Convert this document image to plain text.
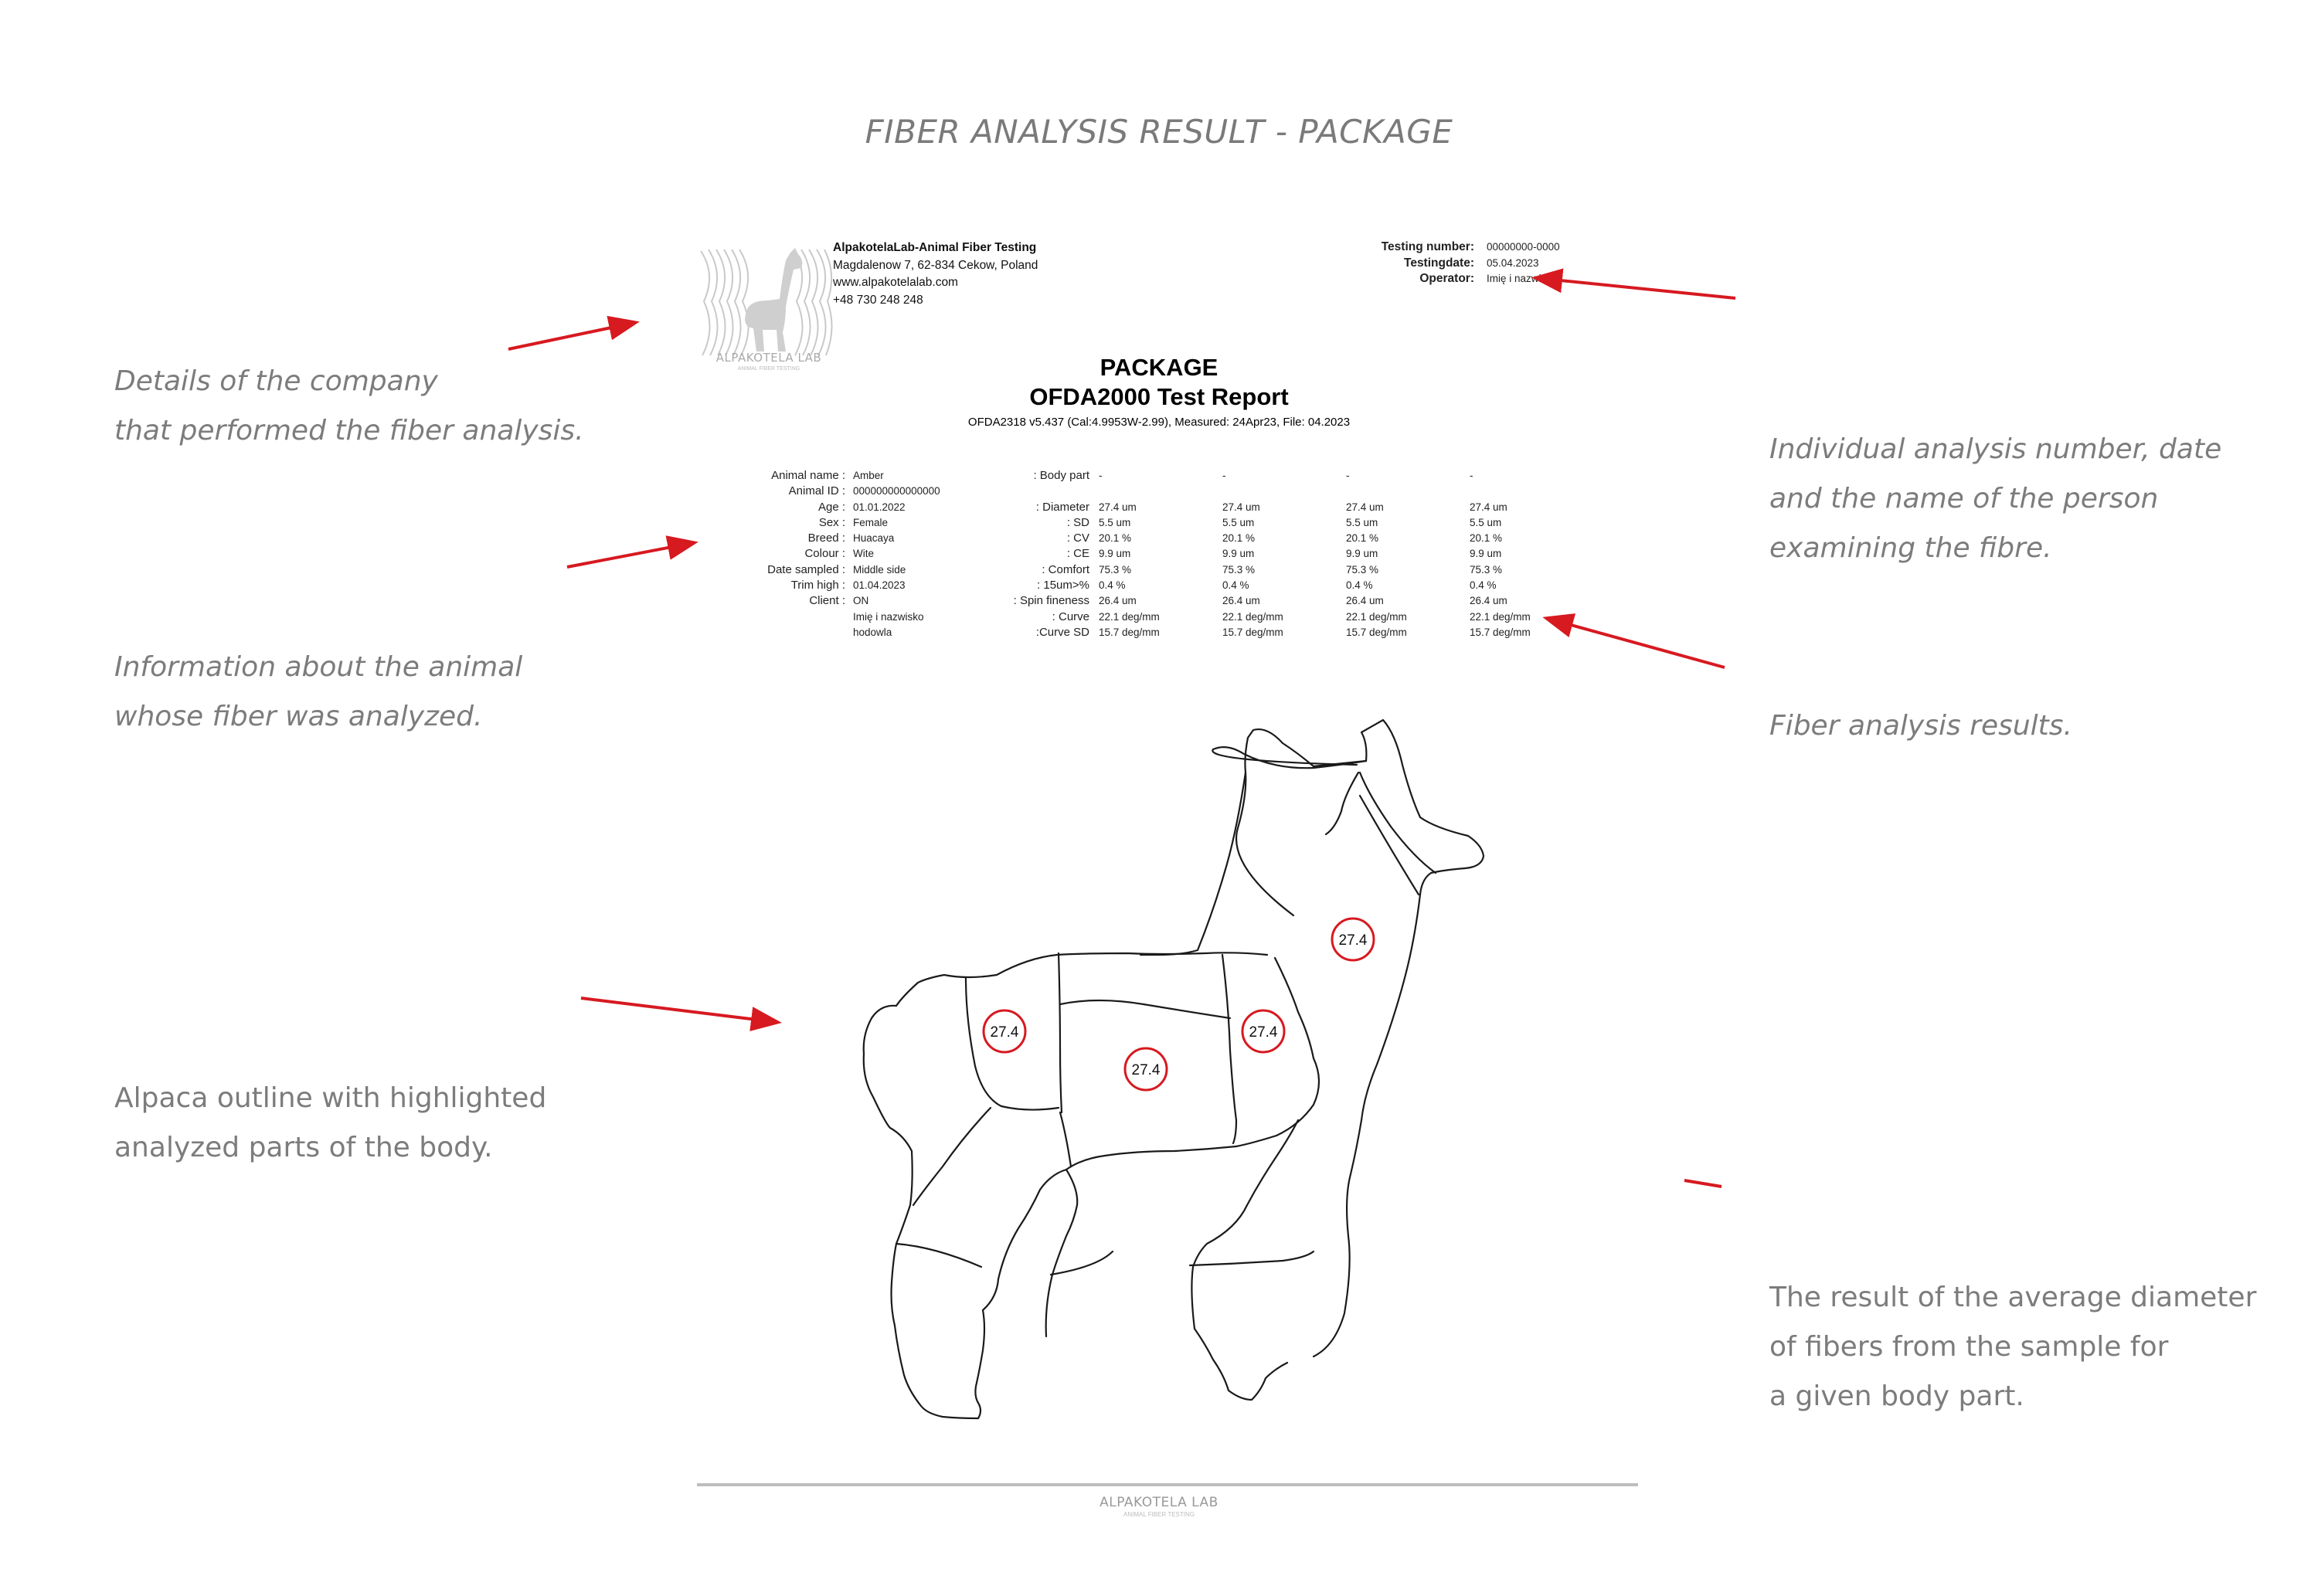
FIBER ANALYSIS RESULT - PACKAGE
Details of the company
that performed the fiber analysis.
Information about the animal
whose fiber was analyzed.
Alpaca outline with highlighted
analyzed parts of the body.
Individual analysis number, date
and the name of the person
examining the fibre.
Fiber analysis results.
The result of the average diameter
of fibers from the sample for
a given body part.
ALPAKOTELA LAB
ANIMAL FIBER TESTING
AlpakotelaLab-Animal Fiber Testing
Magdalenow 7, 62-834 Cekow, Poland
www.alpakotelalab.com
+48 730 248 248
Testing number:	00000000-0000
Testingdate:	05.04.2023
Operator:	Imię i nazwisko
PACKAGE
OFDA2000 Test Report
OFDA2318 v5.437 (Cal:4.9953W-2.99), Measured: 24Apr23, File: 04.2023
Animal name : Amber
Animal ID : 000000000000000
Age : 01.01.2022
Sex : Female
Breed : Huacaya
Colour : Wite
Date sampled : Middle side
Trim high : 01.04.2023
Client : ON
Imię i nazwisko
hodowla
Body part : -	-	-	-

Diameter : 27.4 um	27.4 um	27.4 um	27.4 um
SD : 5.5 um	5.5 um	5.5 um	5.5 um
CV : 20.1 %	20.1 %	20.1 %	20.1 %
CE : 9.9 um	9.9 um	9.9 um	9.9 um
Comfort : 75.3 %	75.3 %	75.3 %	75.3 %
%<15um : 0.4 %	0.4 %	0.4 %	0.4 %
Spin fineness : 26.4 um	26.4 um	26.4 um	26.4 um
Curve : 22.1 deg/mm	22.1 deg/mm	22.1 deg/mm	22.1 deg/mm
Curve SD: 15.7 deg/mm	15.7 deg/mm	15.7 deg/mm	15.7 deg/mm
27.4
27.4
27.4
27.4
ALPAKOTELA LAB
ANIMAL FIBER TESTING
